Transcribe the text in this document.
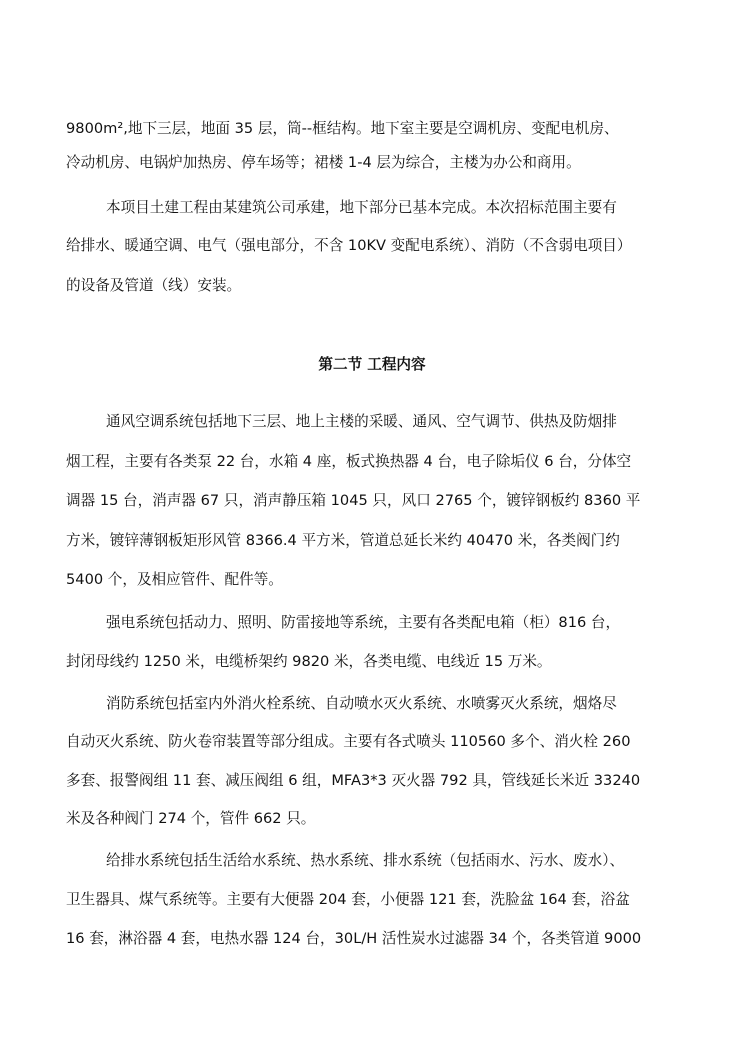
9800m²,地下三层，地面 35 层，筒--框结构。地下室主要是空调机房、变配电机房、
冷动机房、电锅炉加热房、停车场等；裙楼 1-4 层为综合，主楼为办公和商用。
本项目土建工程由某建筑公司承建，地下部分已基本完成。本次招标范围主要有
给排水、暖通空调、电气（强电部分，不含 10KV 变配电系统）、消防（不含弱电项目）
的设备及管道（线）安装。
第二节 工程内容
通风空调系统包括地下三层、地上主楼的采暖、通风、空气调节、供热及防烟排
烟工程，主要有各类泵 22 台，水箱 4 座，板式换热器 4 台，电子除垢仪 6 台，分体空
调器 15 台，消声器 67 只，消声静压箱 1045 只，风口 2765 个，镀锌钢板约 8360 平
方米，镀锌薄钢板矩形风管 8366.4 平方米，管道总延长米约 40470 米，各类阀门约
5400 个，及相应管件、配件等。
强电系统包括动力、照明、防雷接地等系统，主要有各类配电箱（柜）816 台，
封闭母线约 1250 米，电缆桥架约 9820 米，各类电缆、电线近 15 万米。
消防系统包括室内外消火栓系统、自动喷水灭火系统、水喷雾灭火系统，烟烙尽
自动灭火系统、防火卷帘装置等部分组成。主要有各式喷头 110560 多个、消火栓 260
多套、报警阀组 11 套、减压阀组 6 组，MFA3*3 灭火器 792 具，管线延长米近 33240
米及各种阀门 274 个，管件 662 只。
给排水系统包括生活给水系统、热水系统、排水系统（包括雨水、污水、废水）、
卫生器具、煤气系统等。主要有大便器 204 套，小便器 121 套，洗脸盆 164 套，浴盆
16 套，淋浴器 4 套，电热水器 124 台，30L/H 活性炭水过滤器 34 个，各类管道 9000
